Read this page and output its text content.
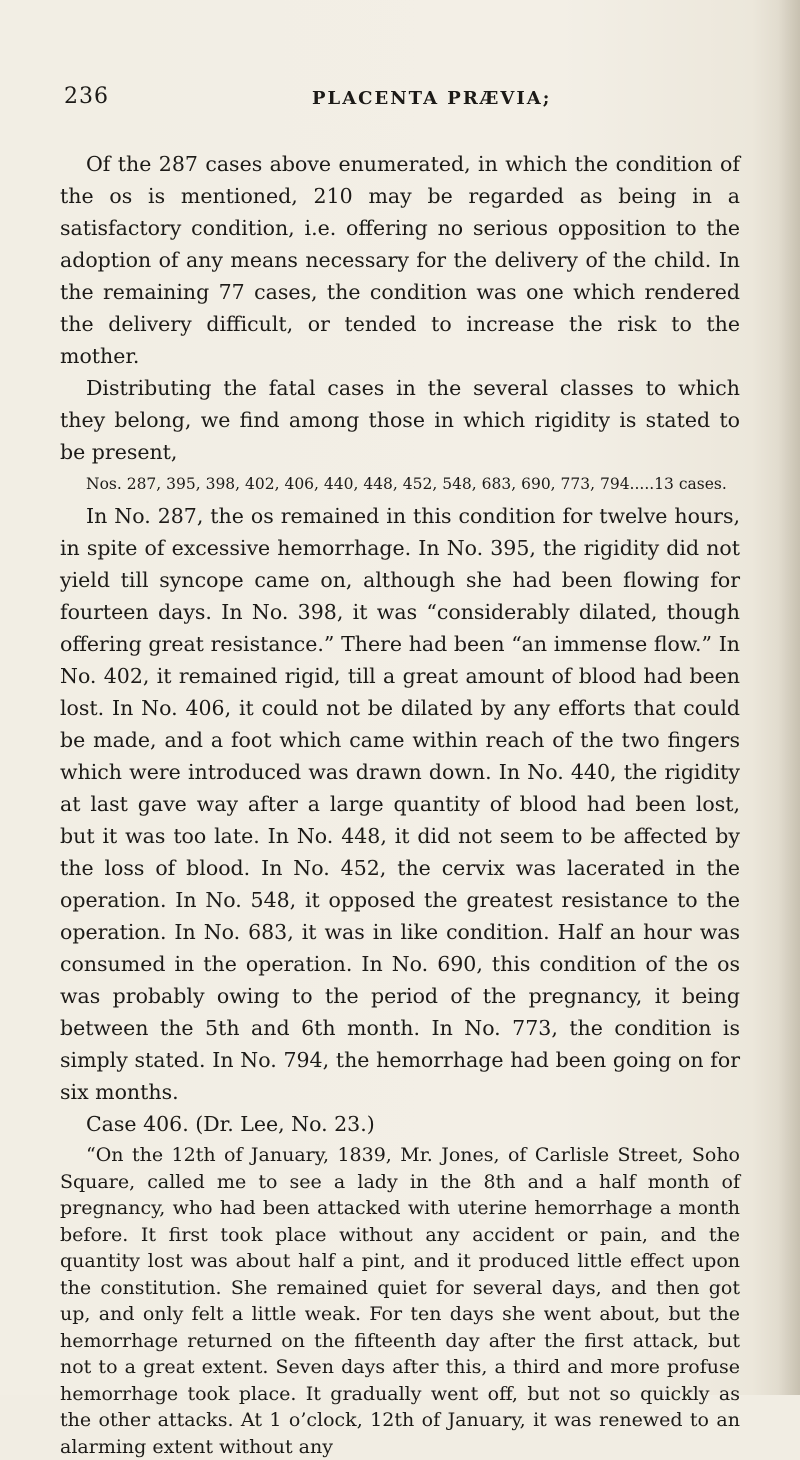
236	PLACENTA PRÆVIA;

Of the 287 cases above enumerated, in which the condition of the os is mentioned, 210 may be regarded as being in a satisfactory condition, i.e. offering no serious opposition to the adoption of any means necessary for the delivery of the child. In the remaining 77 cases, the condition was one which rendered the delivery difficult, or tended to increase the risk to the mother.

Distributing the fatal cases in the several classes to which they belong, we find among those in which rigidity is stated to be present,

Nos. 287, 395, 398, 402, 406, 440, 448, 452, 548, 683, 690, 773, 794.....13 cases.

In No. 287, the os remained in this condition for twelve hours, in spite of excessive hemorrhage. In No. 395, the rigidity did not yield till syncope came on, although she had been flowing for fourteen days. In No. 398, it was “considerably dilated, though offering great resistance.” There had been “an immense flow.” In No. 402, it remained rigid, till a great amount of blood had been lost. In No. 406, it could not be dilated by any efforts that could be made, and a foot which came within reach of the two fingers which were introduced was drawn down. In No. 440, the rigidity at last gave way after a large quantity of blood had been lost, but it was too late. In No. 448, it did not seem to be affected by the loss of blood. In No. 452, the cervix was lacerated in the operation. In No. 548, it opposed the greatest resistance to the operation. In No. 683, it was in like condition. Half an hour was consumed in the operation. In No. 690, this condition of the os was probably owing to the period of the pregnancy, it being between the 5th and 6th month. In No. 773, the condition is simply stated. In No. 794, the hemorrhage had been going on for six months.

Case 406. (Dr. Lee, No. 23.)

“On the 12th of January, 1839, Mr. Jones, of Carlisle Street, Soho Square, called me to see a lady in the 8th and a half month of pregnancy, who had been attacked with uterine hemorrhage a month before. It first took place without any accident or pain, and the quantity lost was about half a pint, and it produced little effect upon the constitution. She remained quiet for several days, and then got up, and only felt a little weak. For ten days she went about, but the hemorrhage returned on the fifteenth day after the first attack, but not to a great extent. Seven days after this, a third and more profuse hemorrhage took place. It gradually went off, but not so quickly as the other attacks. At 1 o’clock, 12th of January, it was renewed to an alarming extent without any
